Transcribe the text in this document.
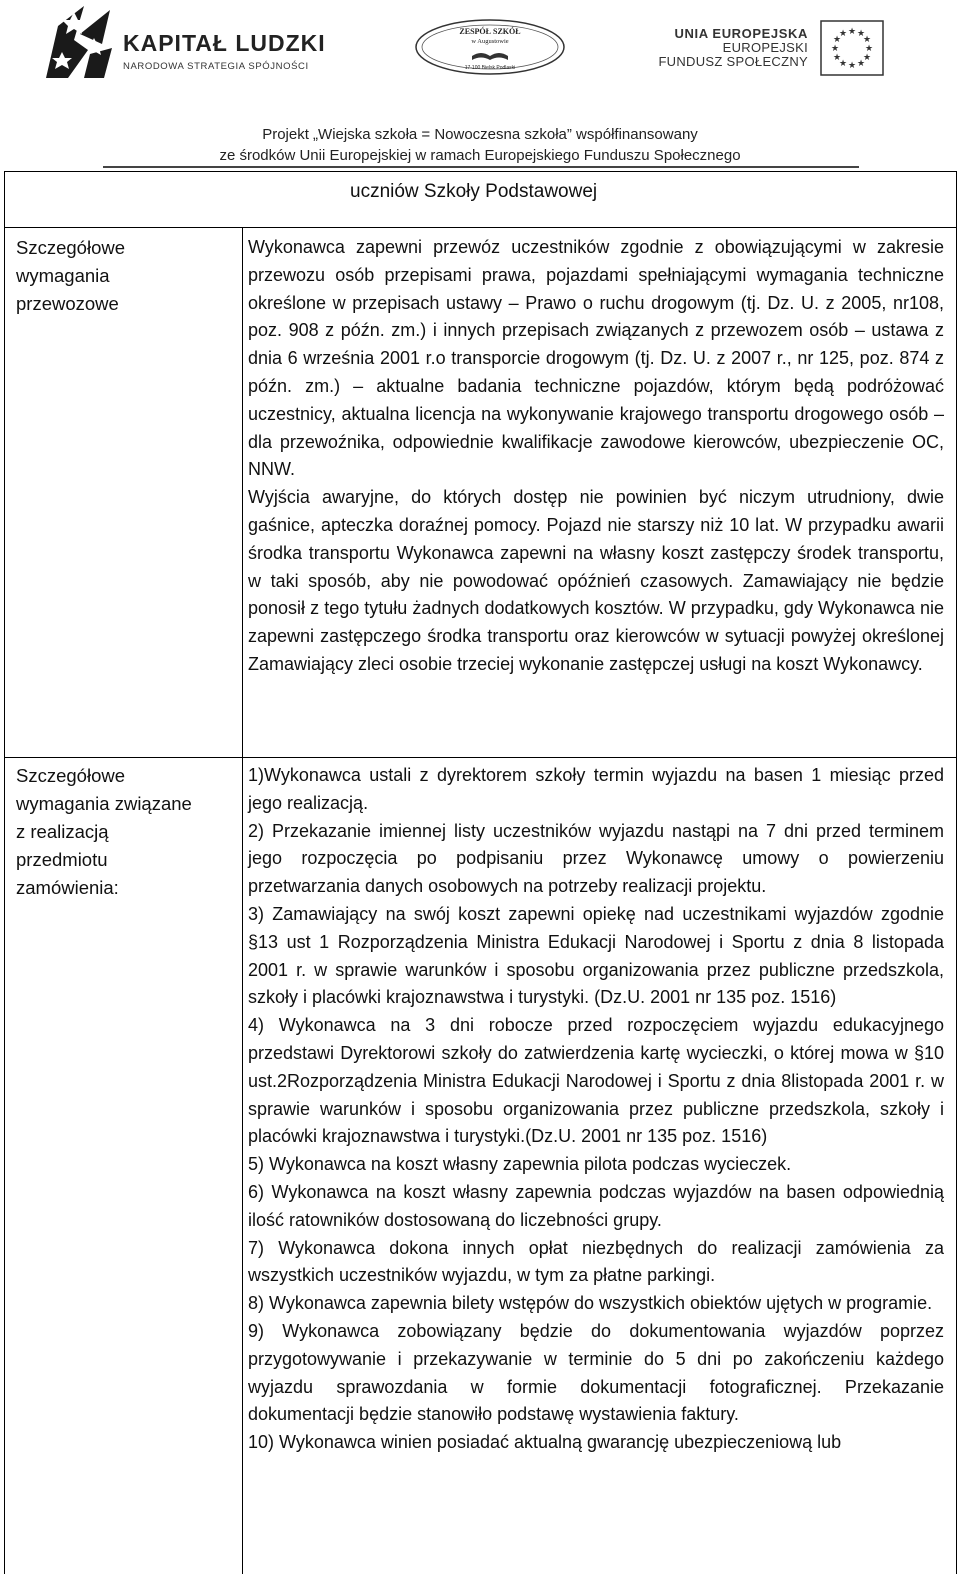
KAPITAŁ LUDZKI
NARODOWA STRATEGIA SPÓJNOŚCI
ZESPÓŁ SZKÓŁ
w Augustowie
17-100 Bielsk Podlaski
UNIA EUROPEJSKA
EUROPEJSKI
FUNDUSZ SPOŁECZNY
★ ★
★
★
★
★
★
★
★
★
★
★
Projekt „Wiejska szkoła = Nowoczesna szkoła” współfinansowany
ze środków Unii Europejskiej w ramach Europejskiego Funduszu Społecznego
uczniów Szkoły Podstawowej
Szczegółowe
wymagania
przewozowe

Wykonawca zapewni przewóz uczestników zgodnie z obowiązującymi w zakresie przewozu osób przepisami prawa, pojazdami spełniającymi wymagania techniczne określone w przepisach ustawy – Prawo o ruchu drogowym (tj. Dz. U. z 2005, nr108, poz. 908 z późn. zm.) i innych przepisach związanych z przewozem osób – ustawa z dnia 6 września 2001 r.o transporcie drogowym (tj. Dz. U. z 2007 r., nr 125, poz. 874 z późn. zm.) – aktualne badania techniczne pojazdów, którym będą podróżować uczestnicy, aktualna licencja na wykonywanie krajowego transportu drogowego osób – dla przewoźnika, odpowiednie kwalifikacje zawodowe kierowców, ubezpieczenie OC, NNW.

Wyjścia awaryjne, do których dostęp nie powinien być niczym utrudniony, dwie gaśnice, apteczka doraźnej pomocy. Pojazd nie starszy niż 10 lat. W przypadku awarii środka transportu Wykonawca zapewni na własny koszt zastępczy środek transportu, w taki sposób, aby nie powodować opóźnień czasowych. Zamawiający nie będzie ponosił z tego tytułu żadnych dodatkowych kosztów. W przypadku, gdy Wykonawca nie zapewni zastępczego środka transportu oraz kierowców w sytuacji powyżej określonej Zamawiający zleci osobie trzeciej wykonanie zastępczej usługi na koszt Wykonawcy.

Szczegółowe
wymagania związane
z realizacją
przedmiotu
zamówienia:

1)Wykonawca ustali z dyrektorem szkoły termin wyjazdu na basen 1 miesiąc przed jego realizacją.

2) Przekazanie imiennej listy uczestników wyjazdu nastąpi na 7 dni przed terminem jego rozpoczęcia po podpisaniu przez Wykonawcę umowy o powierzeniu przetwarzania danych osobowych na potrzeby realizacji projektu.

3) Zamawiający na swój koszt zapewni opiekę nad uczestnikami wyjazdów zgodnie §13 ust 1 Rozporządzenia Ministra Edukacji Narodowej i Sportu z dnia 8 listopada 2001 r. w sprawie warunków i sposobu organizowania przez publiczne przedszkola, szkoły i placówki krajoznawstwa i turystyki. (Dz.U. 2001 nr 135 poz. 1516)

4) Wykonawca na 3 dni robocze przed rozpoczęciem wyjazdu edukacyjnego przedstawi Dyrektorowi szkoły do zatwierdzenia kartę wycieczki, o której mowa w §10 ust.2Rozporządzenia Ministra Edukacji Narodowej i Sportu z dnia 8listopada 2001 r. w sprawie warunków i sposobu organizowania przez publiczne przedszkola, szkoły i placówki krajoznawstwa i turystyki.(Dz.U. 2001 nr 135 poz. 1516)

5) Wykonawca na koszt własny zapewnia pilota podczas wycieczek.

6) Wykonawca na koszt własny zapewnia podczas wyjazdów na basen odpowiednią ilość ratowników dostosowaną do liczebności grupy.

7) Wykonawca dokona innych opłat niezbędnych do realizacji zamówienia za wszystkich uczestników wyjazdu, w tym za płatne parkingi.

8) Wykonawca zapewnia bilety wstępów do wszystkich obiektów ujętych w programie.

9) Wykonawca zobowiązany będzie do dokumentowania wyjazdów poprzez przygotowywanie i przekazywanie w terminie do 5 dni po zakończeniu każdego wyjazdu sprawozdania w formie dokumentacji fotograficznej. Przekazanie dokumentacji będzie stanowiło podstawę wystawienia faktury.

10) Wykonawca winien posiadać aktualną gwarancję ubezpieczeniową lub
